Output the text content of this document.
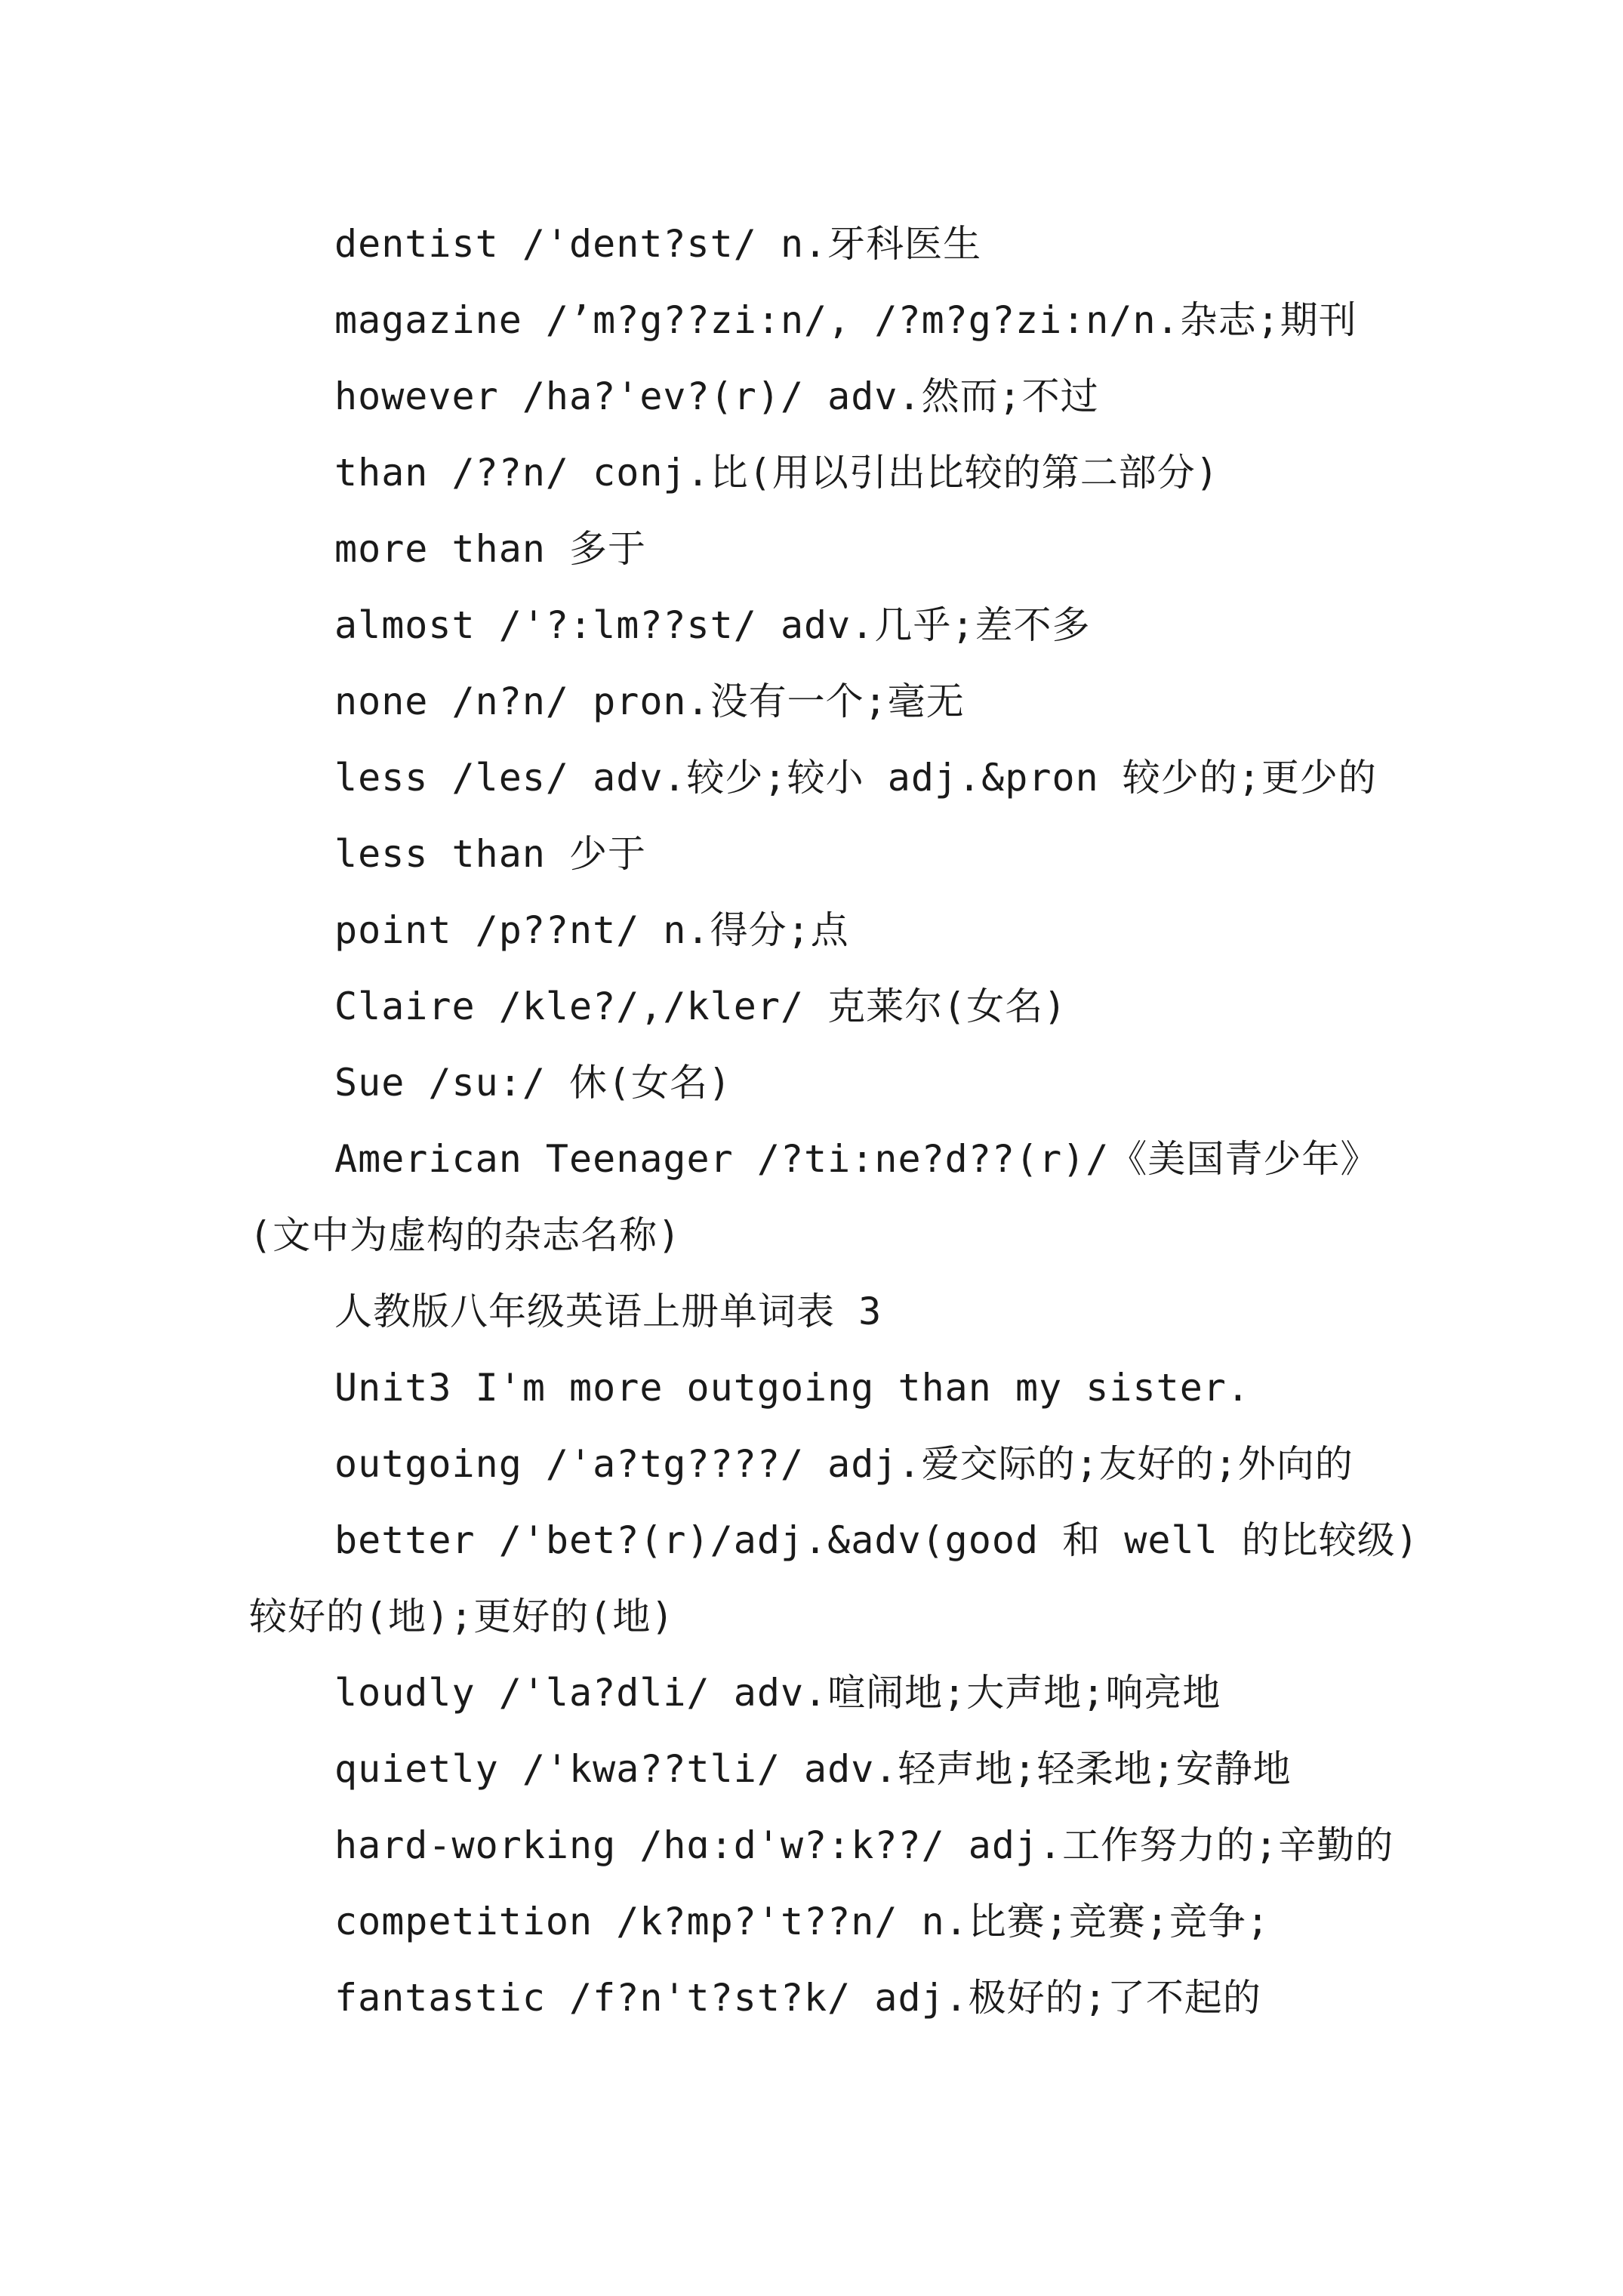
dentist /'dent?st/ n.牙科医生
magazine /’m?g??zi:n/, /?m?g?zi:n/n.杂志;期刊
however /ha?'ev?(r)/ adv.然而;不过
than /??n/ conj.比(用以引出比较的第二部分)
more than 多于
almost /'?:lm??st/ adv.几乎;差不多
none /n?n/ pron.没有一个;毫无
less /les/ adv.较少;较小 adj.&pron 较少的;更少的
less than 少于
point /p??nt/ n.得分;点
Claire /kle?/,/kler/ 克莱尔(女名)
Sue /su:/ 休(女名)
American Teenager /?ti:ne?d??(r)/《美国青少年》
(文中为虚构的杂志名称)
人教版八年级英语上册单词表 3
Unit3 I'm more outgoing than my sister.
outgoing /'a?tg????/ adj.爱交际的;友好的;外向的
better /'bet?(r)/adj.&adv(good 和 well 的比较级)
较好的(地);更好的(地)
loudly /'la?dli/ adv.喧闹地;大声地;响亮地
quietly /'kwa??tli/ adv.轻声地;轻柔地;安静地
hard-working /hɑ:d'w?:k??/ adj.工作努力的;辛勤的
competition /k?mp?'t??n/ n.比赛;竞赛;竞争;
fantastic /f?n't?st?k/ adj.极好的;了不起的
